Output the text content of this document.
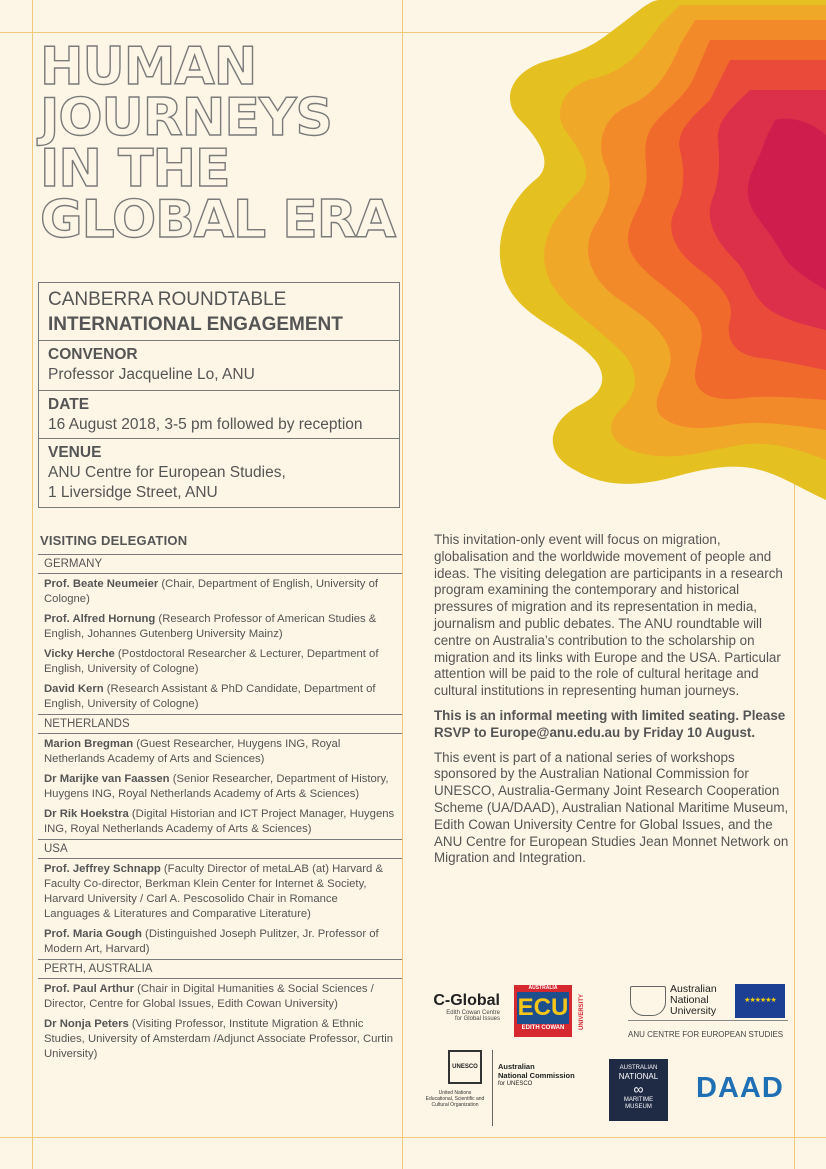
HUMAN
JOURNEYS
IN THE
GLOBAL ERA
CANBERRA ROUNDTABLE
INTERNATIONAL ENGAGEMENT
CONVENOR
Professor Jacqueline Lo, ANU
DATE
16 August 2018, 3-5 pm followed by reception
VENUE
ANU Centre for European Studies,
1 Liversidge Street, ANU
VISITING DELEGATION
GERMANY
Prof. Beate Neumeier (Chair, Department of English, University of Cologne)
Prof. Alfred Hornung (Research Professor of American Studies & English, Johannes Gutenberg University Mainz)
Vicky Herche (Postdoctoral Researcher & Lecturer, Department of English, University of Cologne)
David Kern (Research Assistant & PhD Candidate, Department of English, University of Cologne)
NETHERLANDS
Marion Bregman (Guest Researcher, Huygens ING, Royal Netherlands Academy of Arts and Sciences)
Dr Marijke van Faassen (Senior Researcher, Department of History, Huygens ING, Royal Netherlands Academy of Arts & Sciences)
Dr Rik Hoekstra (Digital Historian and ICT Project Manager, Huygens ING, Royal Netherlands Academy of Arts & Sciences)
USA
Prof. Jeffrey Schnapp (Faculty Director of metaLAB (at) Harvard & Faculty Co-director, Berkman Klein Center for Internet & Society, Harvard University / Carl A. Pescosolido Chair in Romance Languages & Literatures and Comparative Literature)
Prof. Maria Gough (Distinguished Joseph Pulitzer, Jr. Professor of Modern Art, Harvard)
PERTH, AUSTRALIA
Prof. Paul Arthur (Chair in Digital Humanities & Social Sciences / Director, Centre for Global Issues, Edith Cowan University)
Dr Nonja Peters (Visiting Professor, Institute Migration & Ethnic Studies, University of Amsterdam /Adjunct Associate Professor, Curtin University)

This invitation-only event will focus on migration, globalisation and the worldwide movement of people and ideas. The visiting delegation are participants in a research program examining the contemporary and historical pressures of migration and its representation in media, journalism and public debates. The ANU roundtable will centre on Australia’s contribution to the scholarship on migration and its links with Europe and the USA. Particular attention will be paid to the role of cultural heritage and cultural institutions in representing human journeys.

This is an informal meeting with limited seating. Please RSVP to Europe@anu.edu.au by Friday 10 August.

This event is part of a national series of workshops sponsored by the Australian National Commission for UNESCO, Australia-Germany Joint Research Cooperation Scheme (UA/DAAD), Australian National Maritime Museum, Edith Cowan University Centre for Global Issues, and the ANU Centre for European Studies Jean Monnet Network on Migration and Integration.

C-Global
Edith Cowan Centre
for Global Issues
AUSTRALIA
ECU
EDITH COWAN	UNIVERSITY
Australian
National
University
★★★★★★
ANU CENTRE FOR EUROPEAN STUDIES
UNESCO
United Nations
Educational, Scientific and
Cultural Organization
Australian
National Commission
for UNESCO
AUSTRALIAN
NATIONAL
∞
MARITIME
MUSEUM
DAAD
